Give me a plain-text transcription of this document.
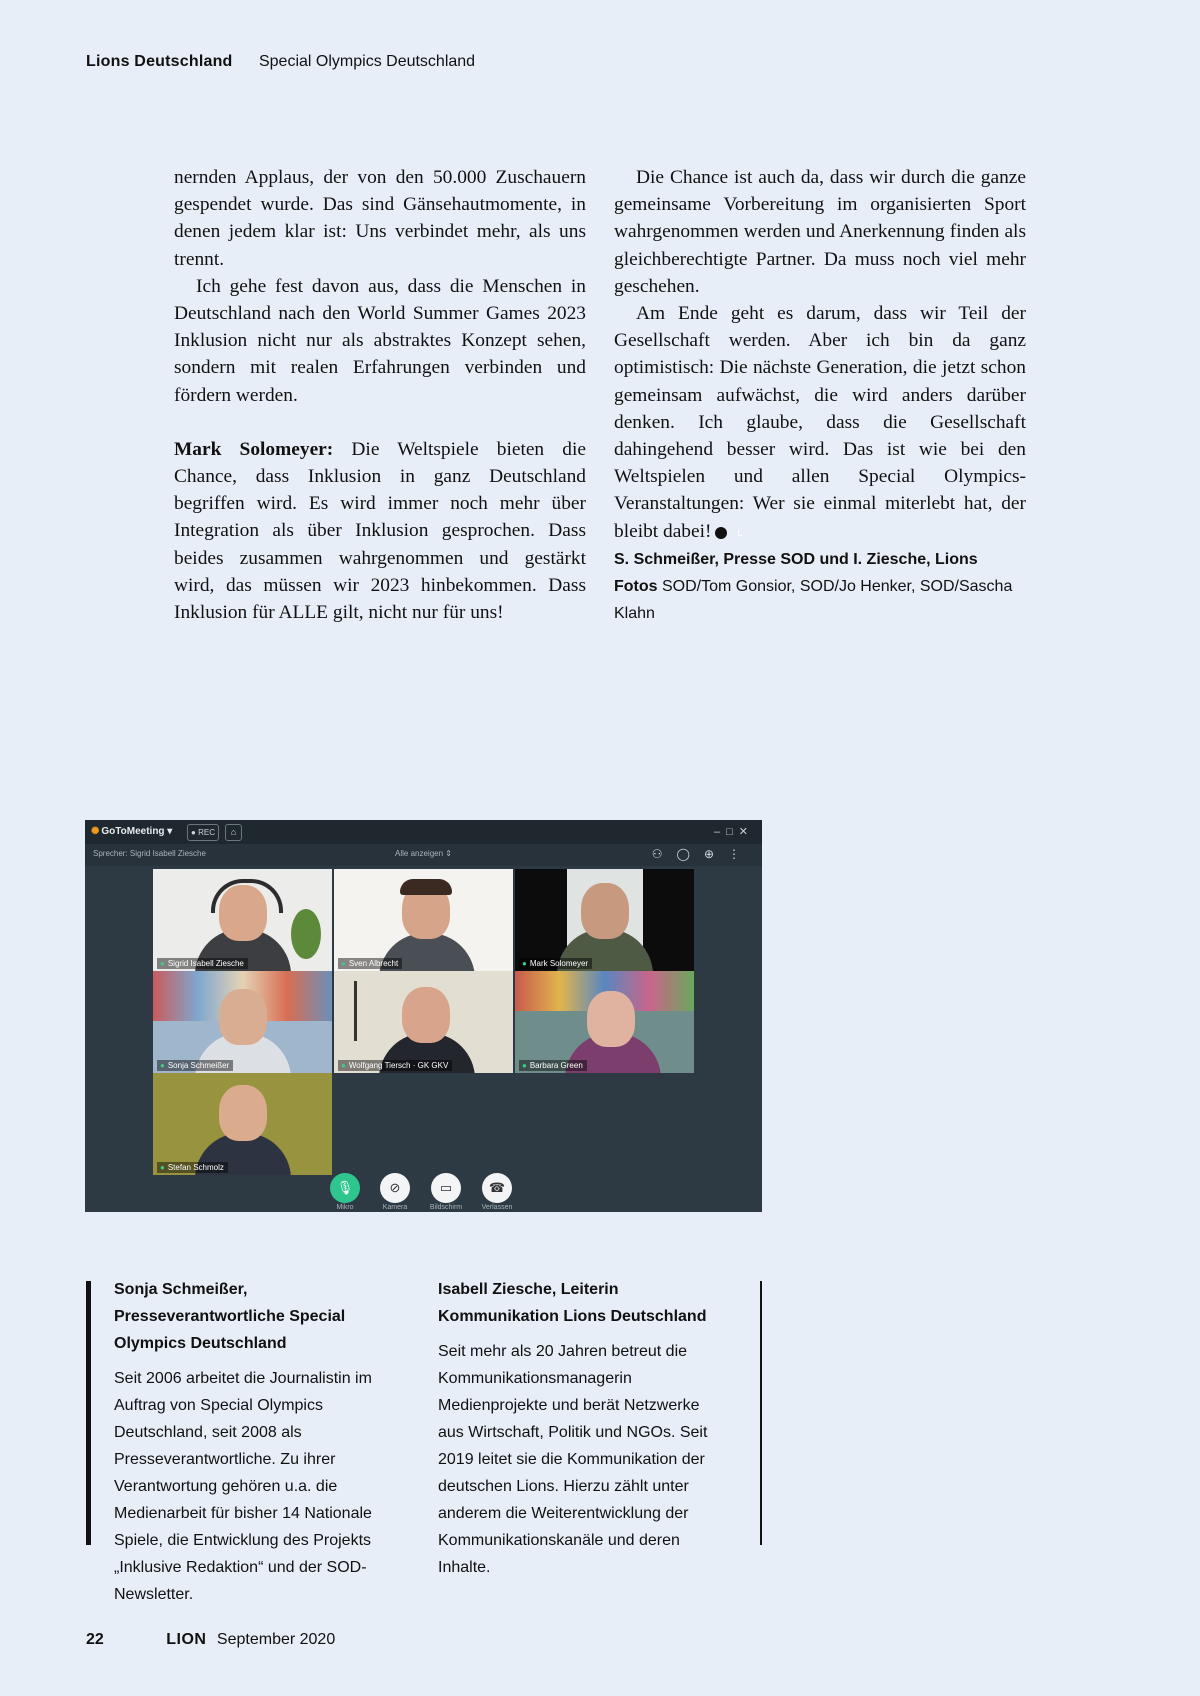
Lions Deutschland Special Olympics Deutschland

nernden Applaus, der von den 50.000 Zuschauern gespendet wurde. Das sind Gänsehautmomente, in denen jedem klar ist: Uns verbindet mehr, als uns trennt.

Ich gehe fest davon aus, dass die Menschen in Deutschland nach den World Summer Games 2023 Inklusion nicht nur als abstraktes Konzept sehen, sondern mit realen Erfahrungen verbinden und fördern werden.

Mark Solomeyer: Die Weltspiele bieten die Chance, dass Inklusion in ganz Deutschland begriffen wird. Es wird immer noch mehr über Integration als über Inklusion gesprochen. Dass beides zusammen wahrgenommen und gestärkt wird, das müssen wir 2023 hinbekommen. Dass Inklusion für ALLE gilt, nicht nur für uns!

Die Chance ist auch da, dass wir durch die ganze gemeinsame Vorbereitung im organisierten Sport wahrgenommen werden und Anerkennung finden als gleichberechtigte Partner. Da muss noch viel mehr geschehen.

Am Ende geht es darum, dass wir Teil der Gesellschaft werden. Aber ich bin da ganz optimistisch: Die nächste Generation, die jetzt schon gemeinsam aufwächst, die wird anders darüber denken. Ich glaube, dass die Gesellschaft dahingehend besser wird. Das ist wie bei den Weltspielen und allen Special Olympics-Veranstaltungen: Wer sie einmal miterlebt hat, der bleibt dabei!	L

S. Schmeißer, Presse SOD und I. Ziesche, Lions
Fotos SOD/Tom Gonsior, SOD/Jo Henker, SOD/Sascha Klahn
✺ GoToMeeting ▾	● REC	⌂	–□✕
Sprecher: Sigrid Isabell Ziesche	Alle anzeigen ⇕	⚇◯⊕⋮
● Sigrid Isabell Ziesche	● Sven Albrecht	● Mark Solomeyer
● Sonja Schmeißer	● Wolfgang Tiersch · GK GKV	● Barbara Green
● Stefan Schmolz
🎙
Mikro
⊘
Kamera
▭
Bildschirm
☎
Verlassen
Sonja Schmeißer, Presseverantwortliche Special Olympics Deutschland

Seit 2006 arbeitet die Journalistin im Auftrag von Special Olympics Deutschland, seit 2008 als Presseverantwortliche. Zu ihrer Verantwortung gehören u.a. die Medienarbeit für bisher 14 Nationale Spiele, die Entwicklung des Projekts „Inklusive Redaktion“ und der SOD-Newsletter.

Isabell Ziesche, Leiterin Kommunikation Lions Deutschland

Seit mehr als 20 Jahren betreut die Kommunikationsmanagerin Medienprojekte und berät Netzwerke aus Wirtschaft, Politik und NGOs. Seit 2019 leitet sie die Kommunikation der deutschen Lions. Hierzu zählt unter anderem die Weiterentwicklung der Kommunikationskanäle und deren Inhalte.

22	LION September 2020
